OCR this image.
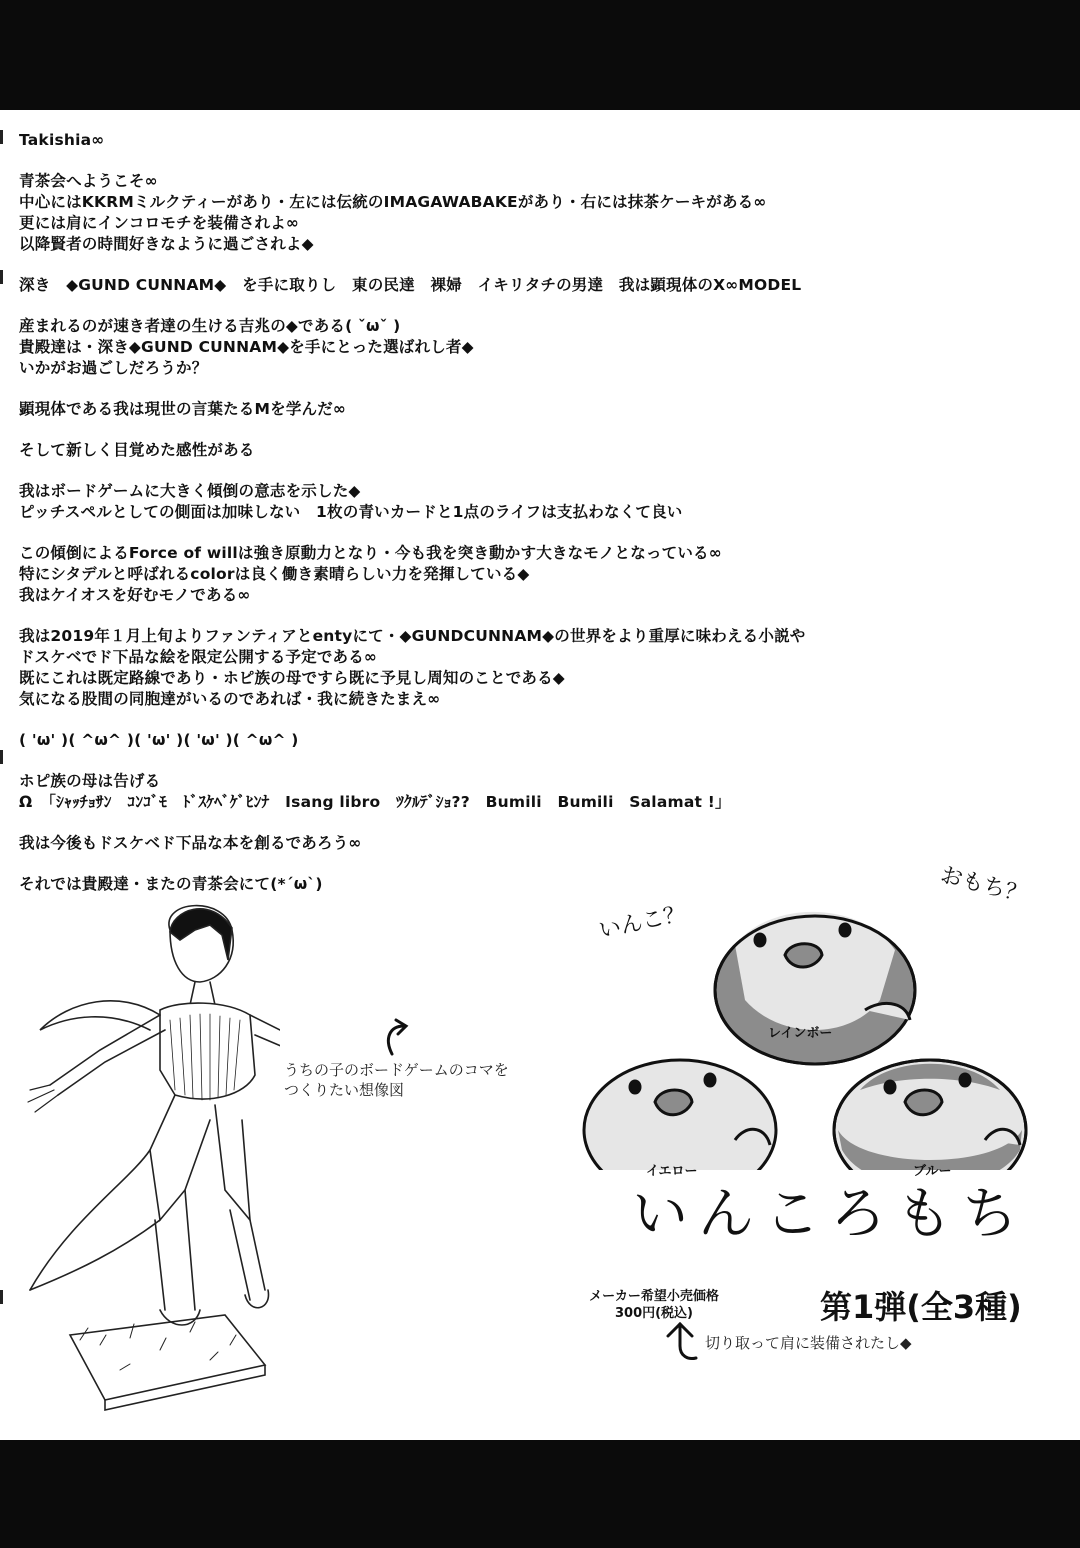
Takishia∞
青茶会へようこそ∞
中心にはKKRMミルクティーがあり・左には伝統のIMAGAWABAKEがあり・右には抹茶ケーキがある∞
更には肩にインコロモチを装備されよ∞
以降賢者の時間好きなように過ごされよ◆
深き　◆GUND CUNNAM◆　を手に取りし　東の民達　裸婦　イキリタチの男達　我は顕現体のX∞MODEL
産まれるのが速き者達の生ける吉兆の◆である( ˇωˇ )
貴殿達は・深き◆GUND CUNNAM◆を手にとった選ばれし者◆
いかがお過ごしだろうか？
顕現体である我は現世の言葉たるMを学んだ∞
そして新しく目覚めた感性がある
我はボードゲームに大きく傾倒の意志を示した◆
ピッチスペルとしての側面は加味しない　1枚の青いカードと1点のライフは支払わなくて良い
この傾倒によるForce of willは強き原動力となり・今も我を突き動かす大きなモノとなっている∞
特にシタデルと呼ばれるcolorは良く働き素晴らしい力を発揮している◆
我はケイオスを好むモノである∞
我は2019年１月上旬よりファンティアとentyにて・◆GUNDCUNNAM◆の世界をより重厚に味わえる小説や
ドスケベでド下品な絵を限定公開する予定である∞
既にこれは既定路線であり・ホピ族の母ですら既に予見し周知のことである◆
気になる股間の同胞達がいるのであれば・我に続きたまえ∞
( 'ω' )( ^ω^ )( 'ω' )( 'ω' )( ^ω^ )
ホピ族の母は告げる
Ω　「ｼｬｯﾁｮｻﾝ　ｺﾝｺﾞﾓ　ﾄﾞｽｹﾍﾞｹﾞﾋﾝﾅ　Isang libro　ﾂｸﾙﾃﾞｼｮ??　Bumili　Bumili　Salamat !」
我は今後もドスケベド下品な本を創るであろう∞
それでは貴殿達・またの青茶会にて(*´ω`)
うちの子のボードゲームのコマを
つくりたい想像図
いんこ？
おもち？
レインボー
イエロー	ブルー
いんころもち
メーカー希望小売価格
300円(税込)	第1弾(全3種)
切り取って肩に装備されたし◆
